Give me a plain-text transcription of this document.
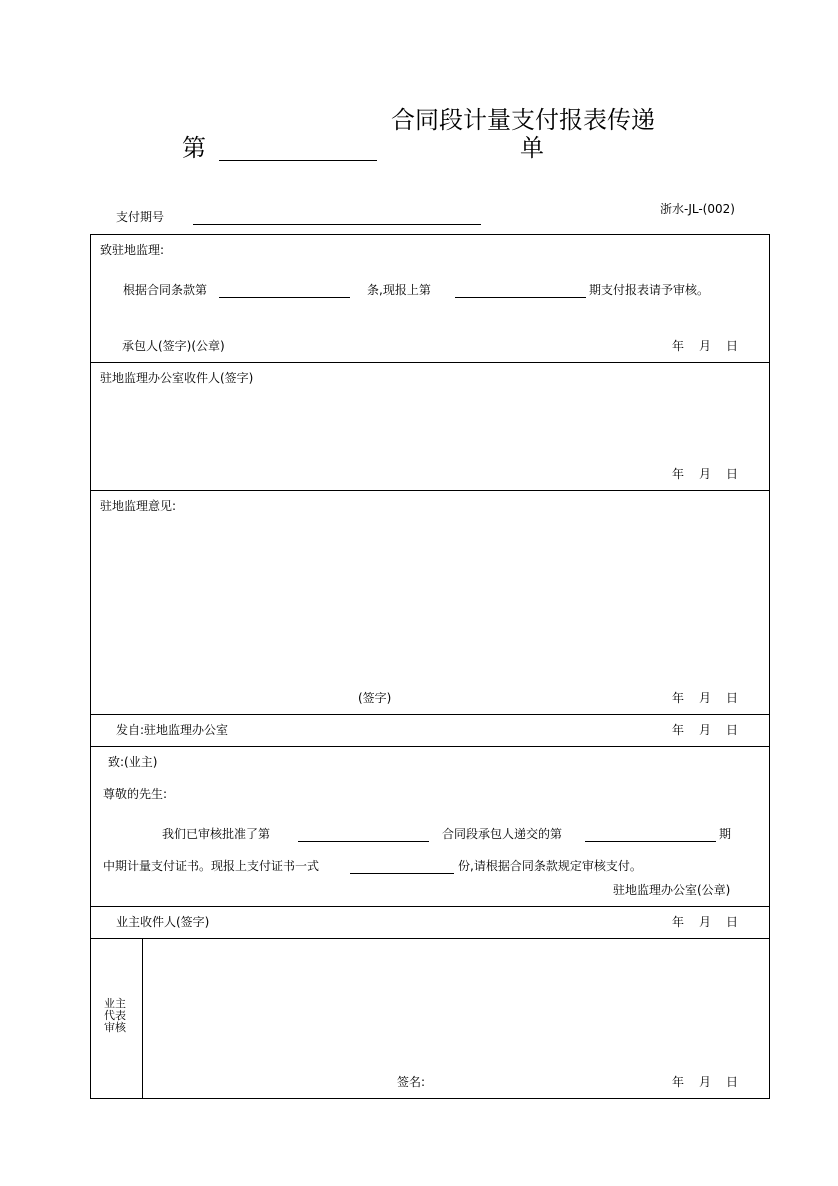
合同段计量支付报表传递
单
第
支付期号
浙水-JL-(002)
致驻地监理:
根据合同条款第	条,现报上第	期支付报表请予审核。
承包人(签字)(公章)	年 月 日
驻地监理办公室收件人(签字)
年 月 日
驻地监理意见:
(签字)	年 月 日
发自:驻地监理办公室	年 月 日
致:(业主)
尊敬的先生:
我们已审核批准了第	合同段承包人递交的第	期
中期计量支付证书。现报上支付证书一式	份,请根据合同条款规定审核支付。
驻地监理办公室(公章)
业主收件人(签字)	年 月 日
业主
代表
审核
签名:	年 月 日
